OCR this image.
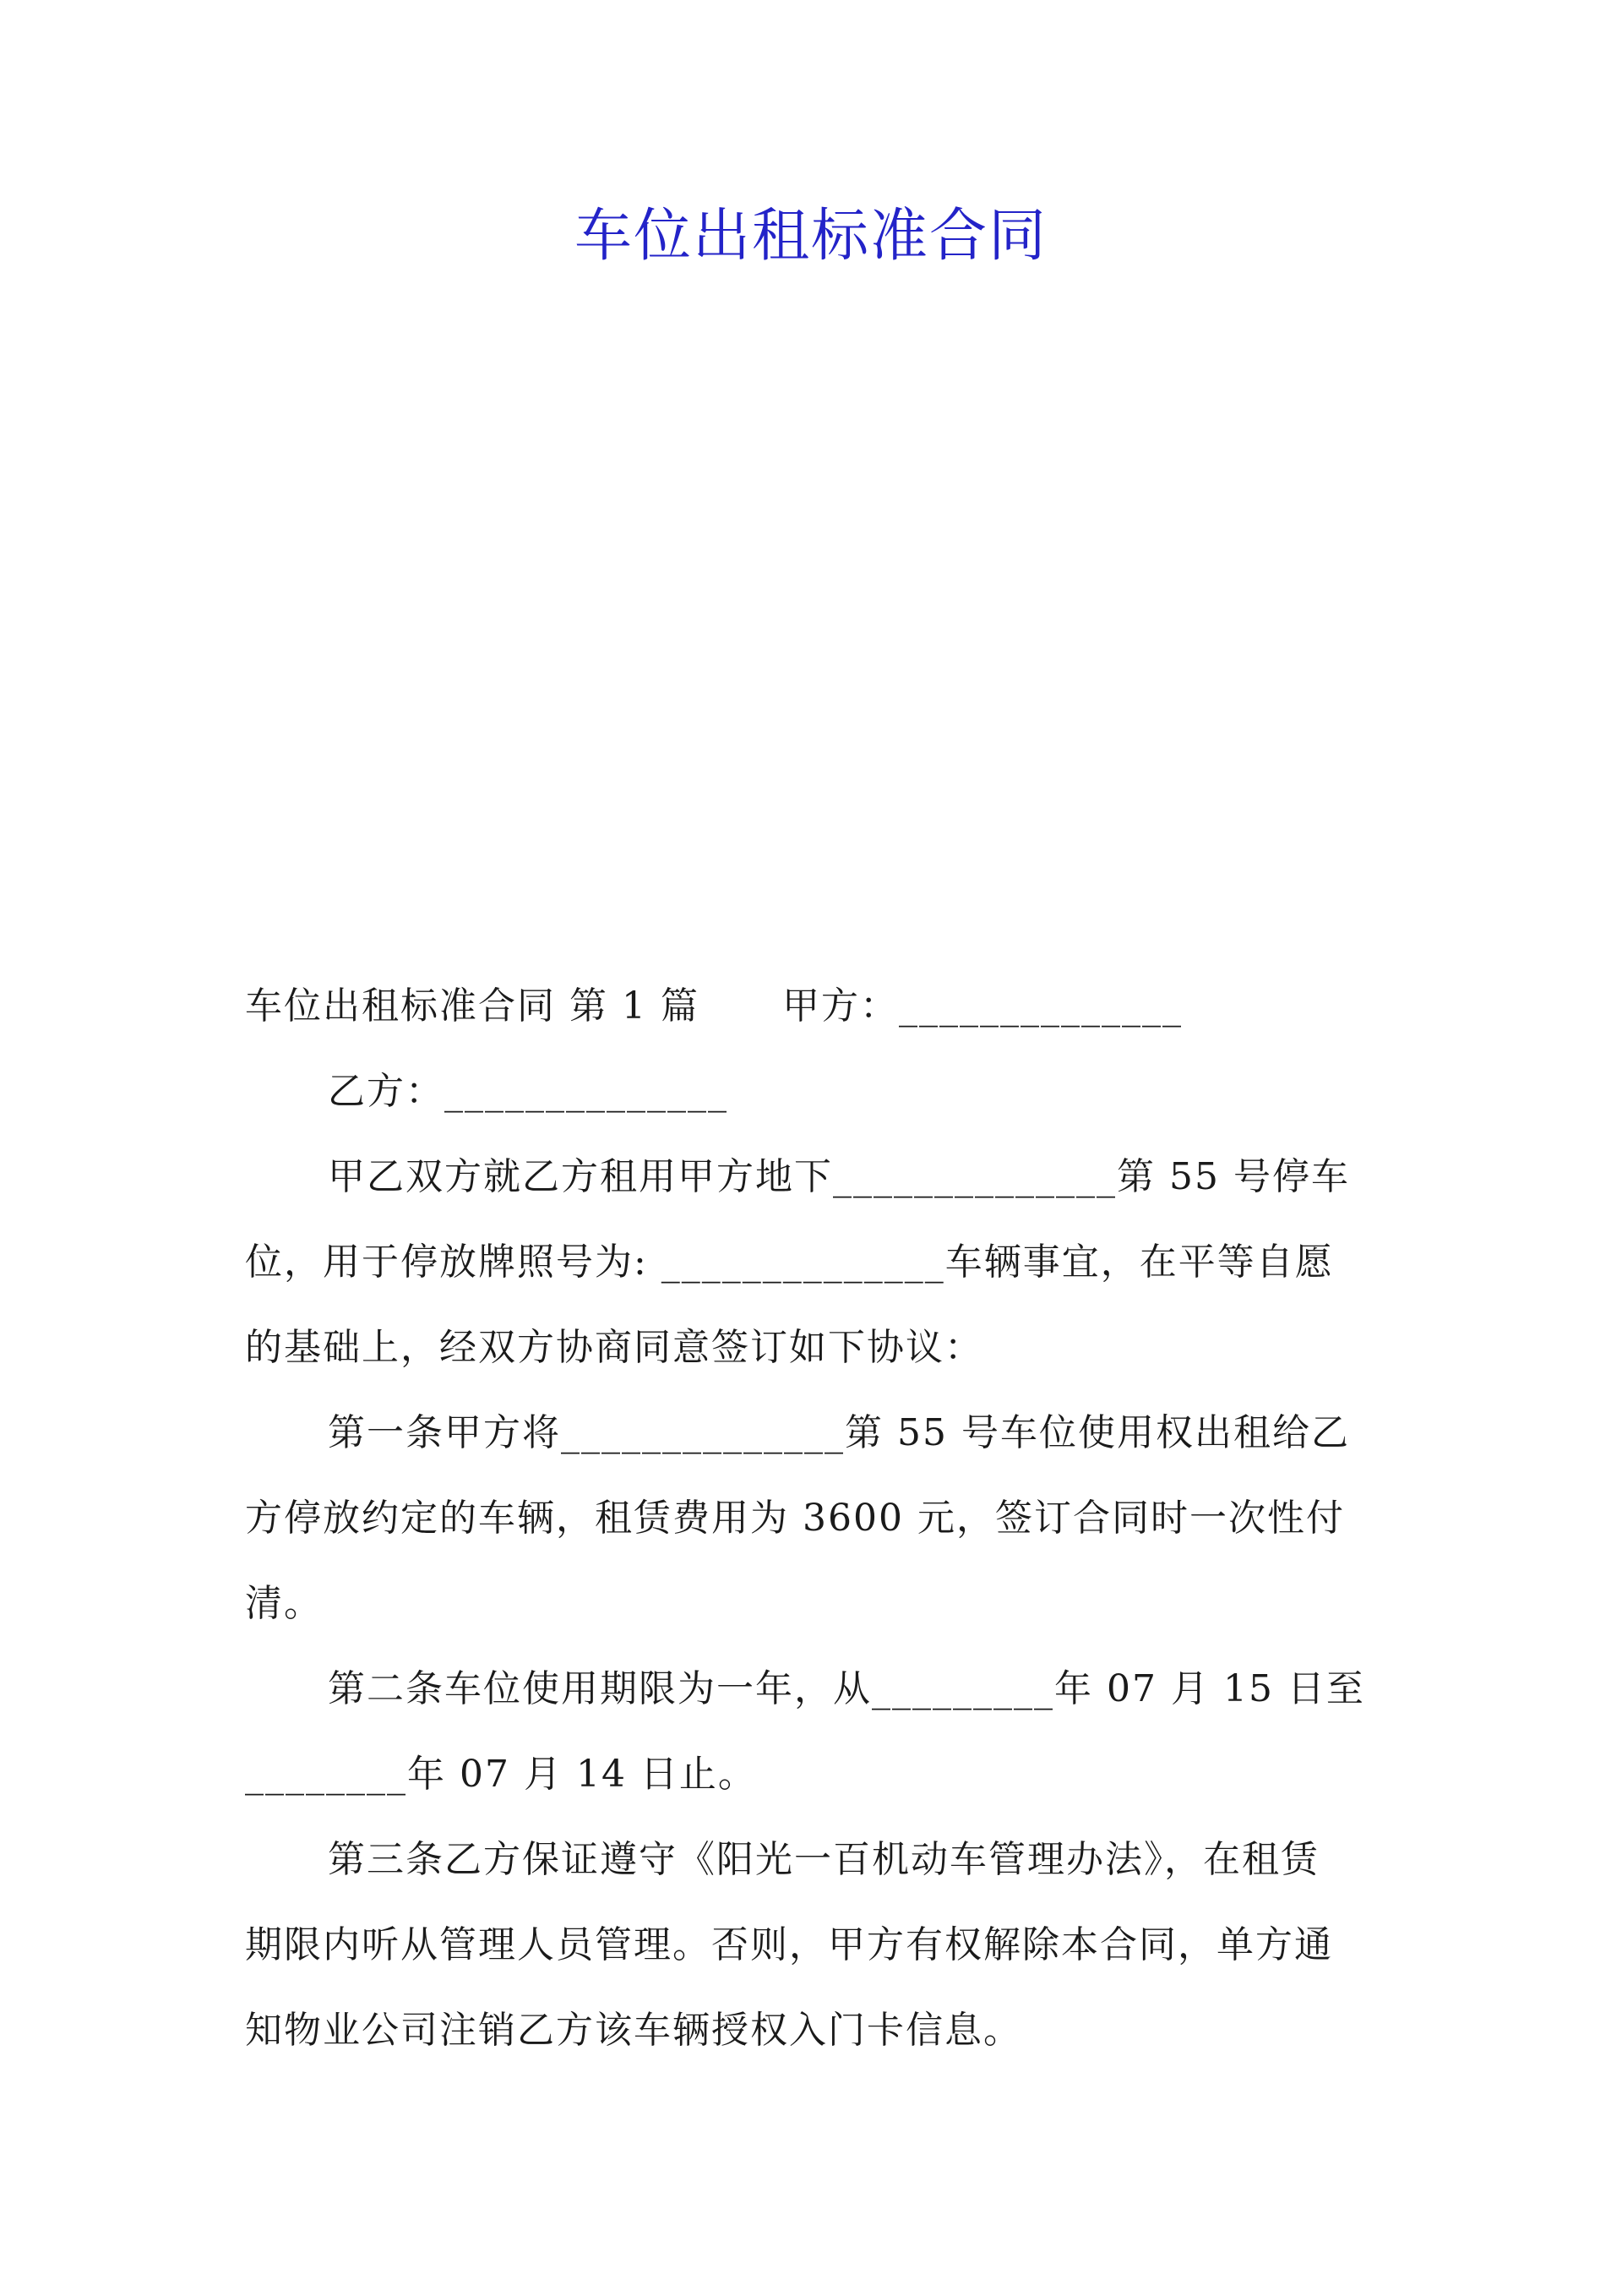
车位出租标准合同

车位出租标准合同 第 1 篇 甲方：______________

乙方：______________

甲乙双方就乙方租用甲方地下______________第 55 号停车

位，用于停放牌照号为: ______________车辆事宜，在平等自愿

的基础上，经双方协商同意签订如下协议：

第一条甲方将______________第 55 号车位使用权出租给乙

方停放约定的车辆，租赁费用为 3600 元，签订合同时一次性付

清。

第二条车位使用期限为一年，从_________年 07 月 15 日至

________年 07 月 14 日止。

第三条乙方保证遵守《阳光一百机动车管理办法》，在租赁

期限内听从管理人员管理。否则，甲方有权解除本合同，单方通

知物业公司注销乙方该车辆授权入门卡信息。
